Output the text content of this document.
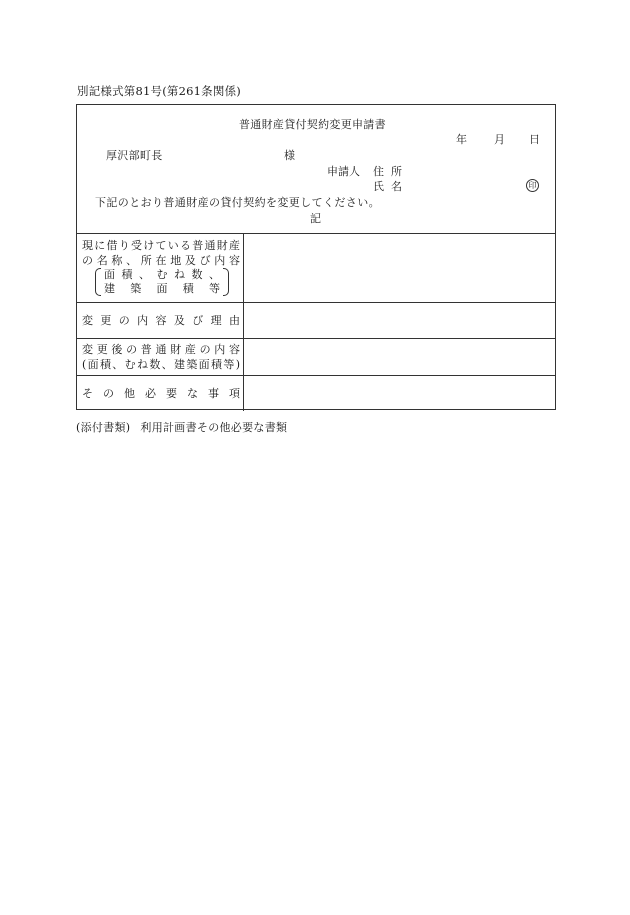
別記様式第81号(第261条関係)
普通財産貸付契約変更申請書
年 月 日
厚沢部町長	様
申請人 住所
氏名	印
下記のとおり普通財産の貸付契約を変更してください。
記
現に借り受けている普通財産
の名称、所在地及び内容
面積、むね数、
建築面積等	

変更の内容及び理由	

変更後の普通財産の内容
(面積、むね数、建築面積等)	

その他必要な事項	

(添付書類) 利用計画書その他必要な書類
